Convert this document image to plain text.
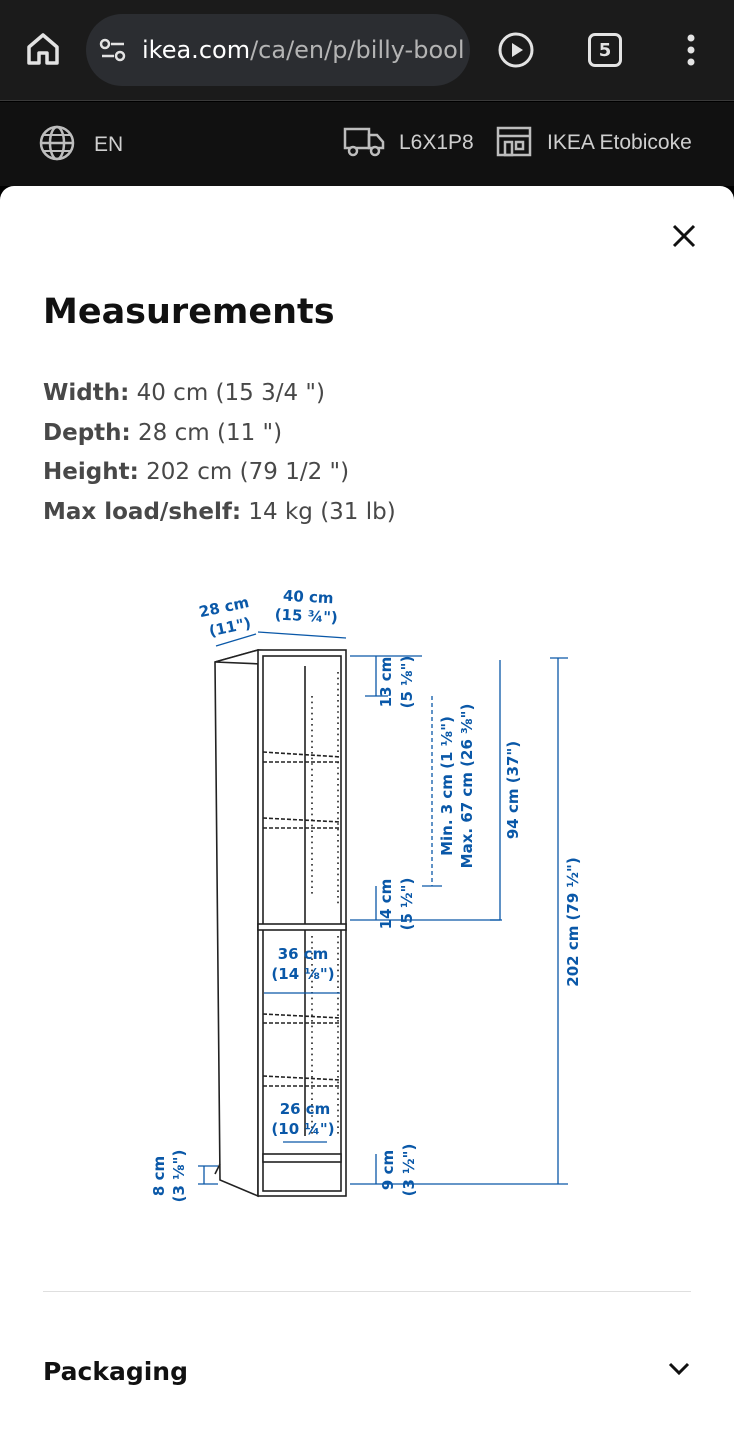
ikea.com/ca/en/p/billy-bool	5
EN	L6X1P8	IKEA Etobicoke
Measurements
Width: 40 cm (15 3/4 ")
Depth: 28 cm (11 ")
Height: 202 cm (79 1/2 ")
Max load/shelf: 14 kg (31 lb)
28 cm
(11")
40 cm
(15 ¾")
13 cm (5 ⅛")
Min. 3 cm (1 ⅛") Max. 67 cm (26 ⅜") 94 cm (37")
202 cm (79 ½")
14 cm (5 ½")
36 cm
(14 ⅛")
26 cm
(10 ¼")
8 cm (3 ⅛")	9 cm (3 ½")
Packaging
